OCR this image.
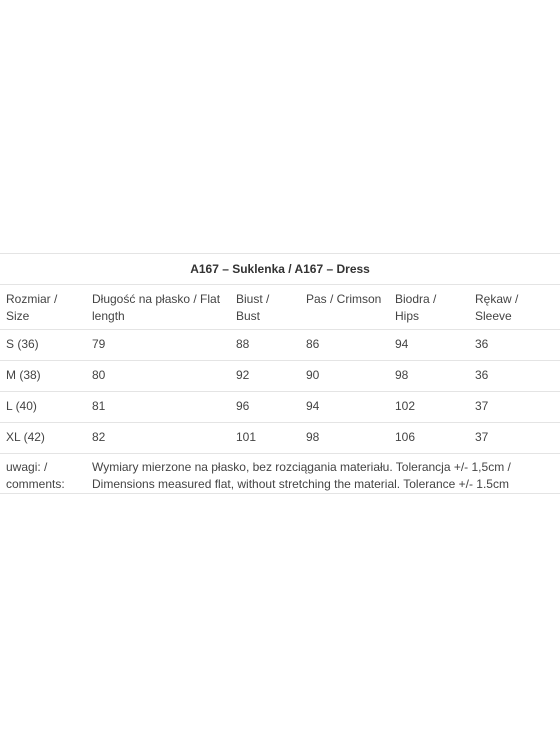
A167 – Suklenka / A167 – Dress					
Rozmiar / Size	Długość na płasko / Flat length	Biust / Bust	Pas / Crimson	Biodra / Hips	Rękaw / Sleeve
S (36)	79	88	86	94	36
M (38)	80	92	90	98	36
L (40)	81	96	94	102	37
XL (42)	82	101	98	106	37
uwagi: / comments:	Wymiary mierzone na płasko, bez rozciągania materiału. Tolerancja +/- 1,5cm / Dimensions measured flat, without stretching the material. Tolerance +/- 1.5cm				
